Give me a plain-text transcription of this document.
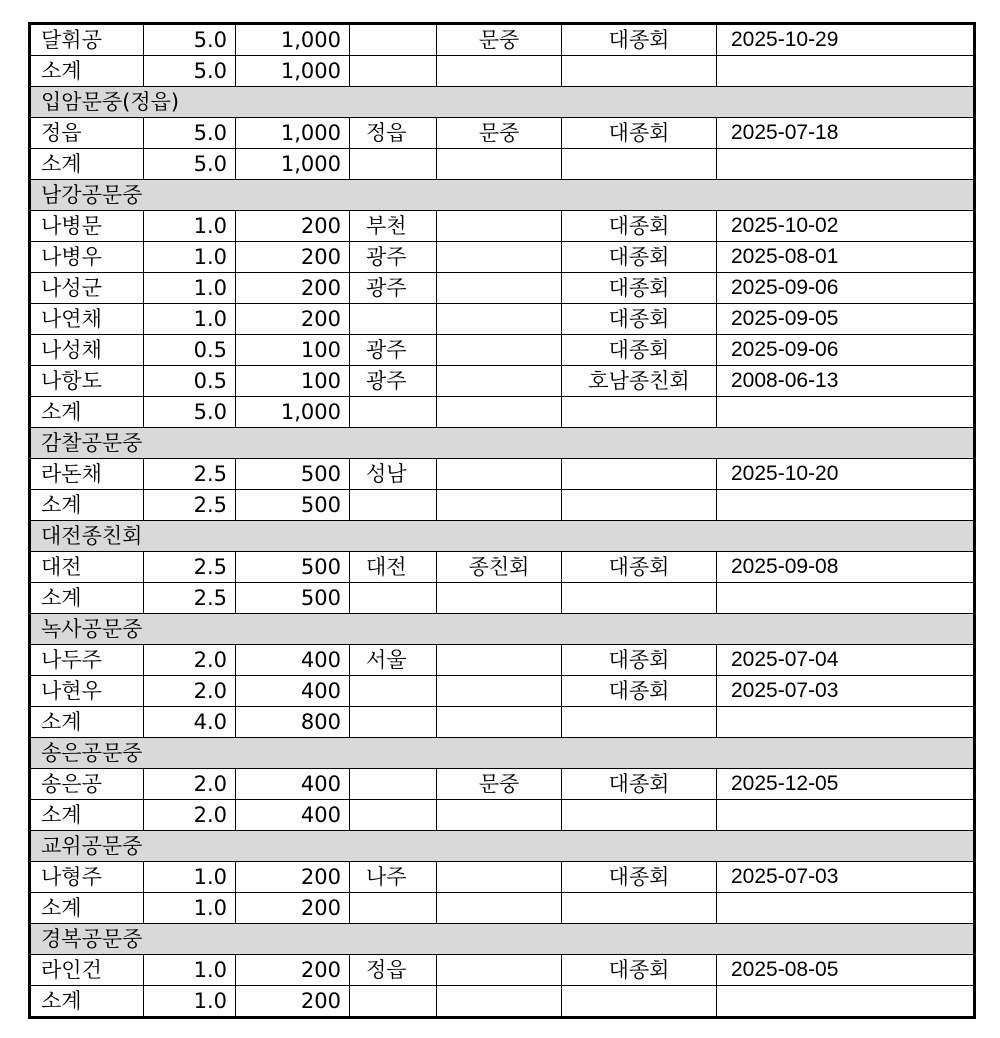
달휘공	5.0	1,000		문중	대종회	2025-10-29
소계	5.0	1,000				
입암문중(정읍)						
정읍	5.0	1,000	정읍	문중	대종회	2025-07-18
소계	5.0	1,000				
남강공문중						
나병문	1.0	200	부천		대종회	2025-10-02
나병우	1.0	200	광주		대종회	2025-08-01
나성군	1.0	200	광주		대종회	2025-09-06
나연채	1.0	200			대종회	2025-09-05
나성채	0.5	100	광주		대종회	2025-09-06
나항도	0.5	100	광주		호남종친회	2008-06-13
소계	5.0	1,000				
감찰공문중						
라돈채	2.5	500	성남			2025-10-20
소계	2.5	500				
대전종친회						
대전	2.5	500	대전	종친회	대종회	2025-09-08
소계	2.5	500				
녹사공문중						
나두주	2.0	400	서울		대종회	2025-07-04
나현우	2.0	400			대종회	2025-07-03
소계	4.0	800				
송은공문중						
송은공	2.0	400		문중	대종회	2025-12-05
소계	2.0	400				
교위공문중						
나형주	1.0	200	나주		대종회	2025-07-03
소계	1.0	200				
경복공문중						
라인건	1.0	200	정읍		대종회	2025-08-05
소계	1.0	200				
